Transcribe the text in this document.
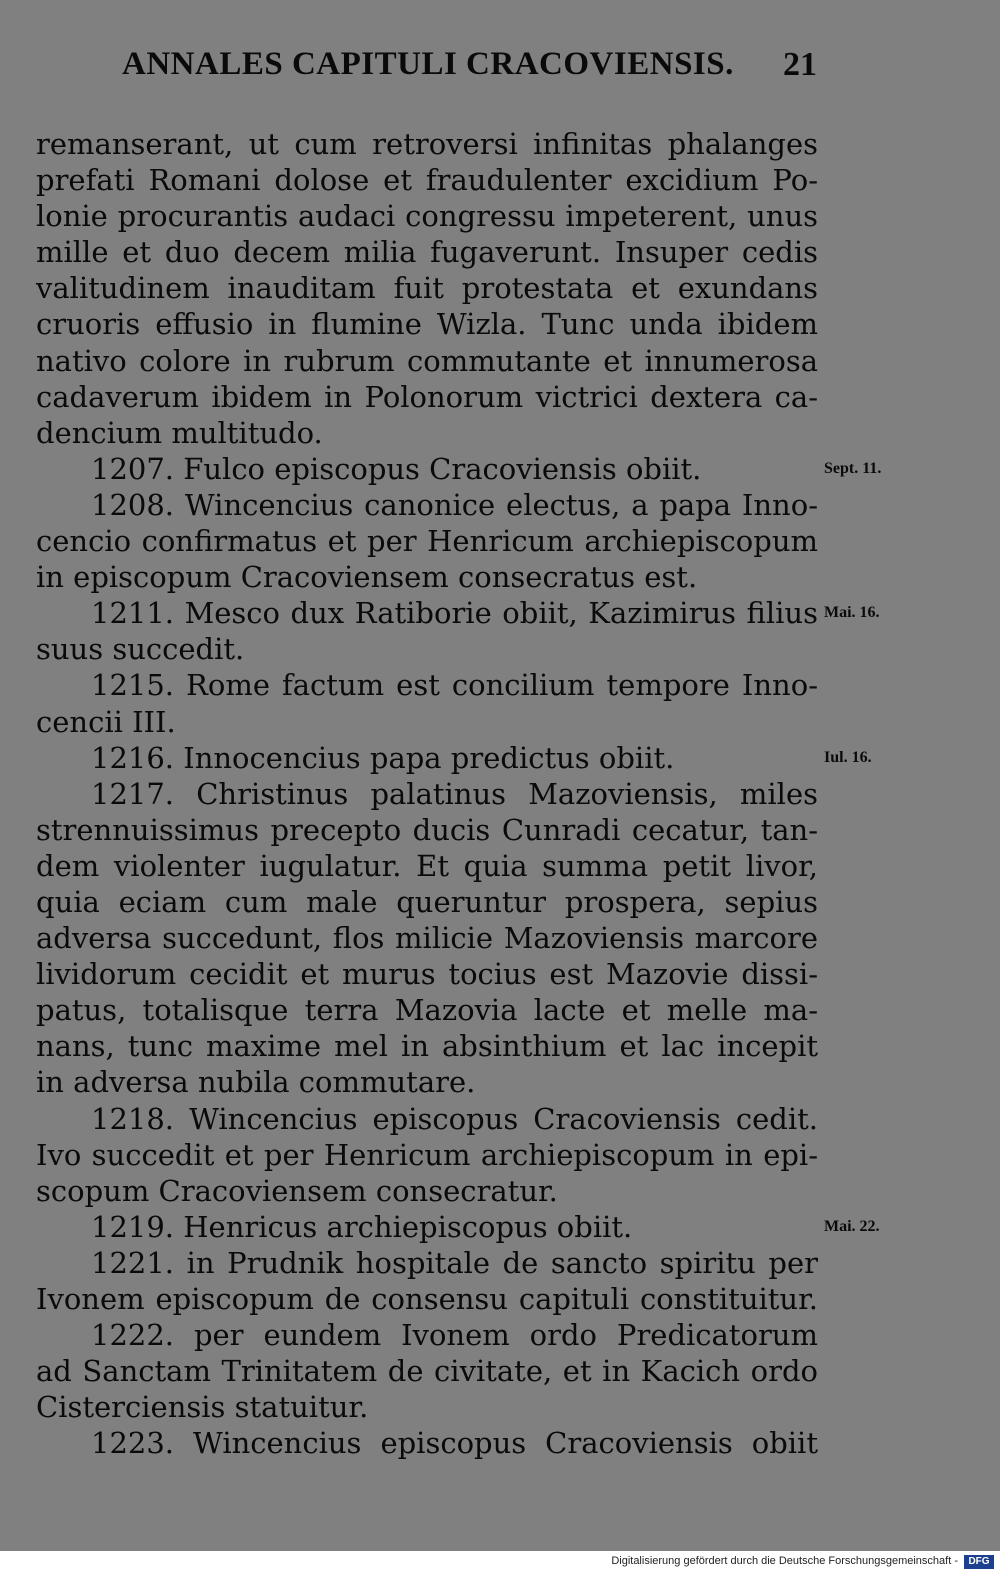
ANNALES CAPITULI CRACOVIENSIS. 21
remanserant, ut cum retroversi infinitas phalanges
prefati Romani dolose et fraudulenter excidium Po-
lonie procurantis audaci congressu impeterent, unus
mille et duo decem milia fugaverunt. Insuper cedis
valitudinem inauditam fuit protestata et exundans
cruoris effusio in flumine Wizla. Tunc unda ibidem
nativo colore in rubrum commutante et innumerosa
cadaverum ibidem in Polonorum victrici dextera ca-
dencium multitudo.
1207. Fulco episcopus Cracoviensis obiit.	Sept. 11.
1208. Wincencius canonice electus, a papa Inno-
cencio confirmatus et per Henricum archiepiscopum
in episcopum Cracoviensem consecratus est.
1211. Mesco dux Ratiborie obiit, Kazimirus filius Mai. 16.
suus succedit.
1215. Rome factum est concilium tempore Inno-
cencii III.
1216. Innocencius papa predictus obiit.	Iul. 16.
1217. Christinus palatinus Mazoviensis, miles
strennuissimus precepto ducis Cunradi cecatur, tan-
dem violenter iugulatur. Et quia summa petit livor,
quia eciam cum male queruntur prospera, sepius
adversa succedunt, flos milicie Mazoviensis marcore
lividorum cecidit et murus tocius est Mazovie dissi-
patus, totalisque terra Mazovia lacte et melle ma-
nans, tunc maxime mel in absinthium et lac incepit
in adversa nubila commutare.
1218. Wincencius episcopus Cracoviensis cedit.
Ivo succedit et per Henricum archiepiscopum in epi-
scopum Cracoviensem consecratur.
1219. Henricus archiepiscopus obiit.	Mai. 22.
1221. in Prudnik hospitale de sancto spiritu per
Ivonem episcopum de consensu capituli constituitur.
1222. per eundem Ivonem ordo Predicatorum
ad Sanctam Trinitatem de civitate, et in Kacich ordo
Cisterciensis statuitur.
1223. Wincencius episcopus Cracoviensis obiit
Digitalisierung gefördert durch die Deutsche Forschungsgemeinschaft -	DFG
